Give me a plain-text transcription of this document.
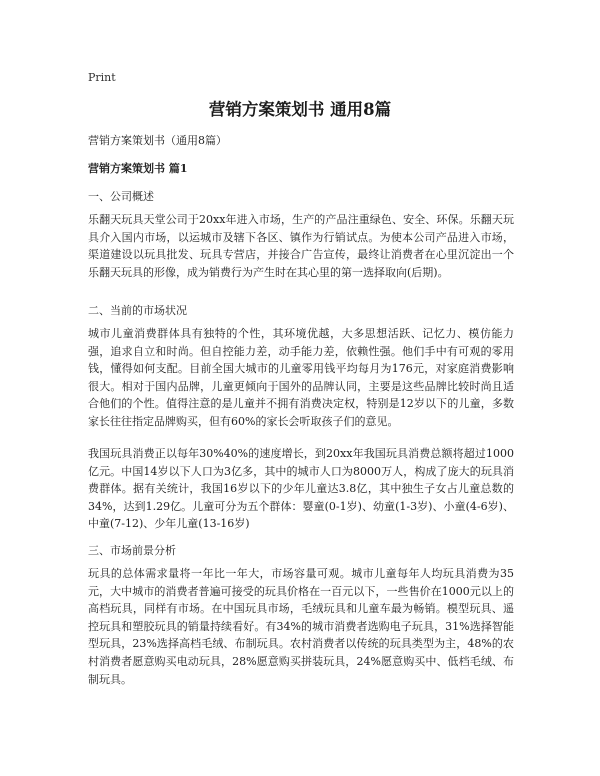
Print
营销方案策划书 通用8篇
营销方案策划书（通用8篇）
营销方案策划书 篇1
一、公司概述
乐翻天玩具天堂公司于20xx年进入市场，生产的产品注重绿色、安全、环保。乐翻天玩具介入国内市场，以运城市及辖下各区、镇作为行销试点。为使本公司产品进入市场，渠道建设以玩具批发、玩具专营店，并接合广告宣传，最终让消费者在心里沉淀出一个乐翻天玩具的形像，成为销费行为产生时在其心里的第一选择取向(后期)。
二、当前的市场状况
城市儿童消费群体具有独特的个性，其环境优越，大多思想活跃、记忆力、模仿能力强，追求自立和时尚。但自控能力差，动手能力差，依赖性强。他们手中有可观的零用钱，懂得如何支配。目前全国大城市的儿童零用钱平均每月为176元，对家庭消费影响很大。相对于国内品牌，儿童更倾向于国外的品牌认同，主要是这些品牌比较时尚且适合他们的个性。值得注意的是儿童并不拥有消费决定权，特别是12岁以下的儿童，多数家长往往指定品牌购买，但有60%的家长会听取孩子们的意见。
我国玩具消费正以每年30%40%的速度增长，到20xx年我国玩具消费总额将超过1000亿元。中国14岁以下人口为3亿多，其中的城市人口为8000万人，构成了庞大的玩具消费群体。据有关统计，我国16岁以下的少年儿童达3.8亿，其中独生子女占儿童总数的34%，达到1.29亿。儿童可分为五个群体：婴童(0-1岁)、幼童(1-3岁)、小童(4-6岁)、中童(7-12)、少年儿童(13-16岁)
三、市场前景分析
玩具的总体需求量将一年比一年大，市场容量可观。城市儿童每年人均玩具消费为35元，大中城市的消费者普遍可接受的玩具价格在一百元以下，一些售价在1000元以上的高档玩具，同样有市场。在中国玩具市场，毛绒玩具和儿童车最为畅销。模型玩具、遥控玩具和塑胶玩具的销量持续看好。有34%的城市消费者选购电子玩具，31%选择智能型玩具，23%选择高档毛绒、布制玩具。农村消费者以传统的玩具类型为主，48%的农村消费者愿意购买电动玩具，28%愿意购买拼装玩具，24%愿意购买中、低档毛绒、布制玩具。
